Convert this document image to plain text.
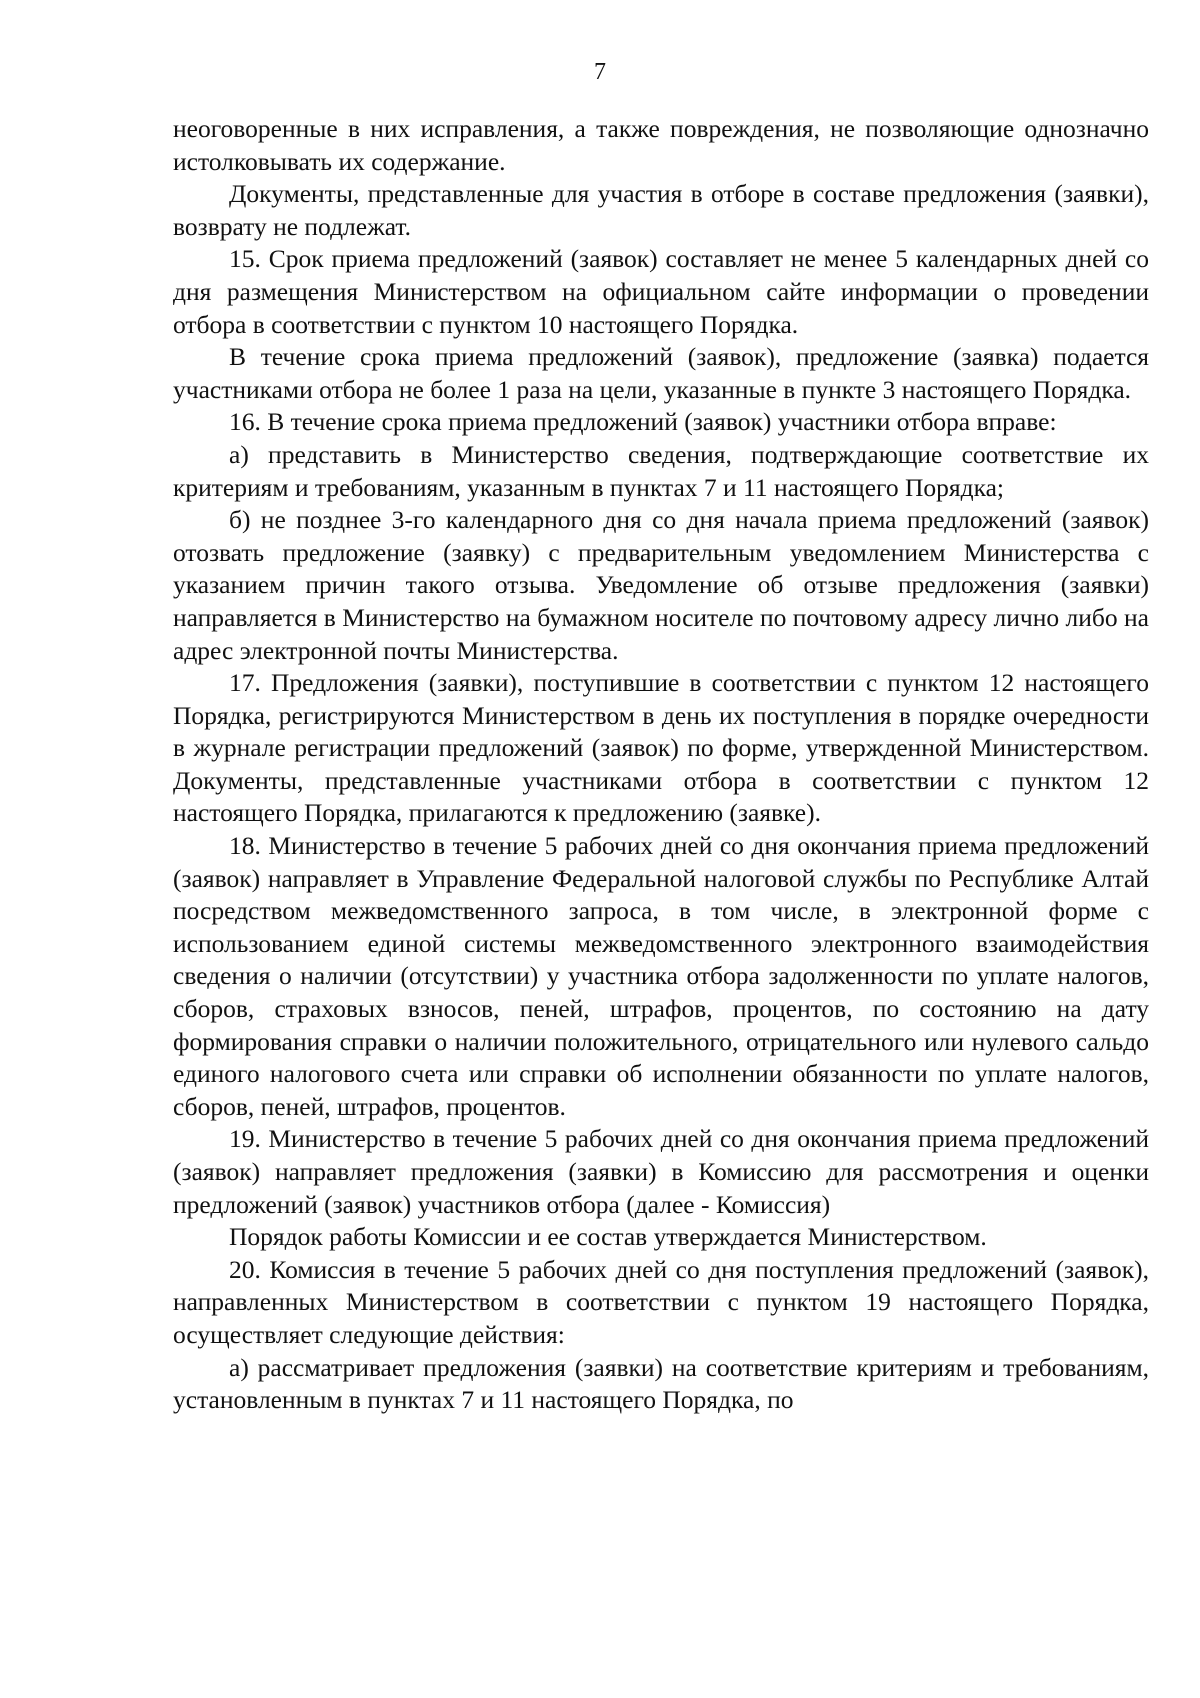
7

неоговоренные в них исправления, а также повреждения, не позволяющие однозначно истолковывать их содержание.

Документы, представленные для участия в отборе в составе предложения (заявки), возврату не подлежат.

15. Срок приема предложений (заявок) составляет не менее 5 календарных дней со дня размещения Министерством на официальном сайте информации о проведении отбора в соответствии с пунктом 10 настоящего Порядка.

В течение срока приема предложений (заявок), предложение (заявка) подается участниками отбора не более 1 раза на цели, указанные в пункте 3 настоящего Порядка.

16. В течение срока приема предложений (заявок) участники отбора вправе:

а) представить в Министерство сведения, подтверждающие соответствие их критериям и требованиям, указанным в пунктах 7 и 11 настоящего Порядка;

б) не позднее 3-го календарного дня со дня начала приема предложений (заявок) отозвать предложение (заявку) с предварительным уведомлением Министерства с указанием причин такого отзыва. Уведомление об отзыве предложения (заявки) направляется в Министерство на бумажном носителе по почтовому адресу лично либо на адрес электронной почты Министерства.

17. Предложения (заявки), поступившие в соответствии с пунктом 12 настоящего Порядка, регистрируются Министерством в день их поступления в порядке очередности в журнале регистрации предложений (заявок) по форме, утвержденной Министерством. Документы, представленные участниками отбора в соответствии с пунктом 12 настоящего Порядка, прилагаются к предложению (заявке).

18. Министерство в течение 5 рабочих дней со дня окончания приема предложений (заявок) направляет в Управление Федеральной налоговой службы по Республике Алтай посредством межведомственного запроса, в том числе, в электронной форме с использованием единой системы межведомственного электронного взаимодействия сведения о наличии (отсутствии) у участника отбора задолженности по уплате налогов, сборов, страховых взносов, пеней, штрафов, процентов, по состоянию на дату формирования справки о наличии положительного, отрицательного или нулевого сальдо единого налогового счета или справки об исполнении обязанности по уплате налогов, сборов, пеней, штрафов, процентов.

19. Министерство в течение 5 рабочих дней со дня окончания приема предложений (заявок) направляет предложения (заявки) в Комиссию для рассмотрения и оценки предложений (заявок) участников отбора (далее - Комиссия)

Порядок работы Комиссии и ее состав утверждается Министерством.

20. Комиссия в течение 5 рабочих дней со дня поступления предложений (заявок), направленных Министерством в соответствии с пунктом 19 настоящего Порядка, осуществляет следующие действия:

а) рассматривает предложения (заявки) на соответствие критериям и требованиям, установленным в пунктах 7 и 11 настоящего Порядка, по
